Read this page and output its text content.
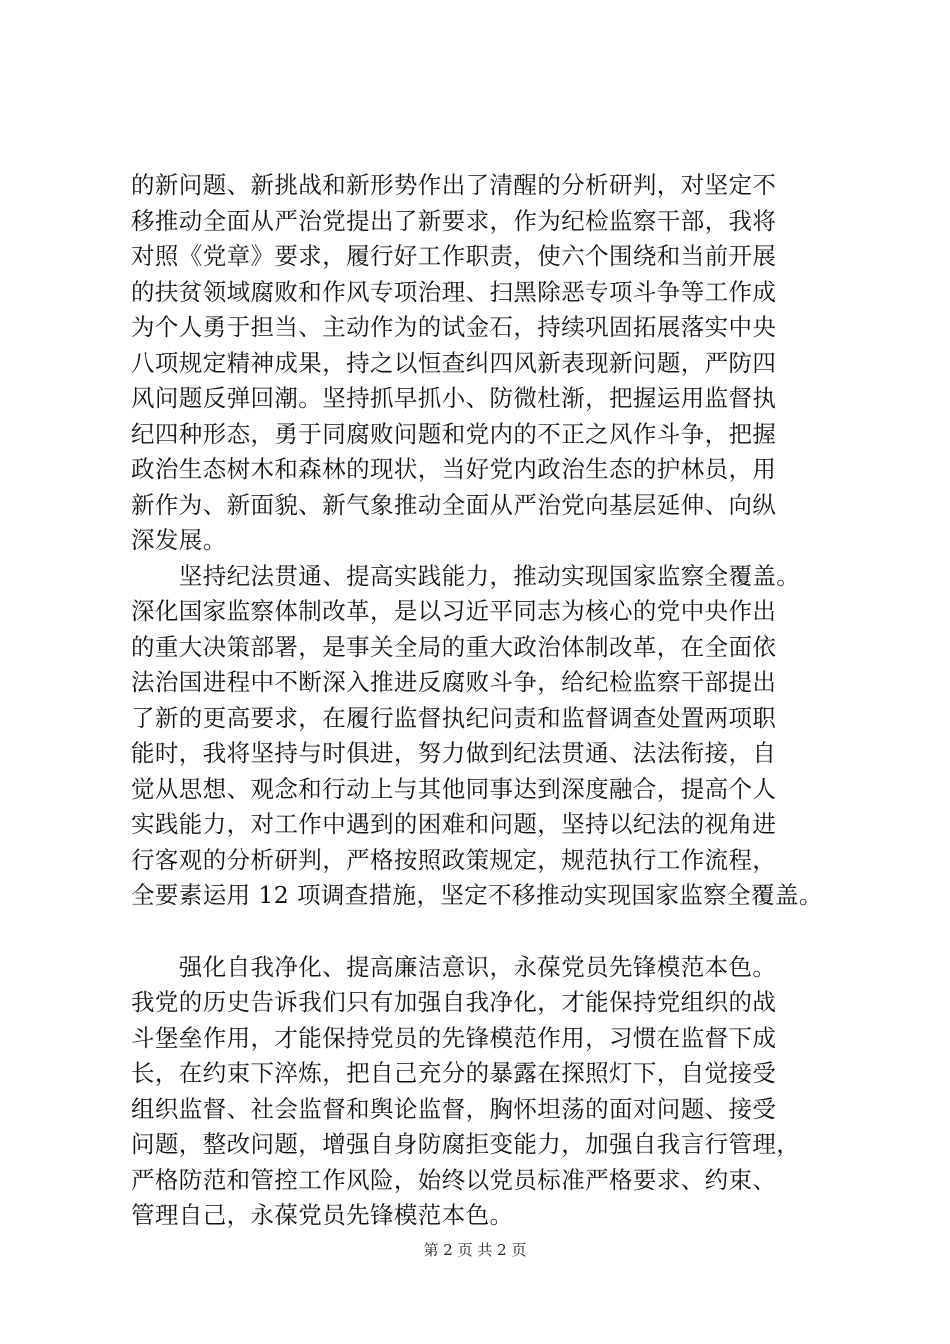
的新问题、新挑战和新形势作出了清醒的分析研判，对坚定不
移推动全面从严治党提出了新要求，作为纪检监察干部，我将
对照《党章》要求，履行好工作职责，使六个围绕和当前开展
的扶贫领域腐败和作风专项治理、扫黑除恶专项斗争等工作成
为个人勇于担当、主动作为的试金石，持续巩固拓展落实中央
八项规定精神成果，持之以恒查纠四风新表现新问题，严防四
风问题反弹回潮。坚持抓早抓小、防微杜渐，把握运用监督执
纪四种形态，勇于同腐败问题和党内的不正之风作斗争，把握
政治生态树木和森林的现状，当好党内政治生态的护林员，用
新作为、新面貌、新气象推动全面从严治党向基层延伸、向纵
深发展。
　　坚持纪法贯通、提高实践能力，推动实现国家监察全覆盖。
深化国家监察体制改革，是以习近平同志为核心的党中央作出
的重大决策部署，是事关全局的重大政治体制改革，在全面依
法治国进程中不断深入推进反腐败斗争，给纪检监察干部提出
了新的更高要求，在履行监督执纪问责和监督调查处置两项职
能时，我将坚持与时俱进，努力做到纪法贯通、法法衔接，自
觉从思想、观念和行动上与其他同事达到深度融合，提高个人
实践能力，对工作中遇到的困难和问题，坚持以纪法的视角进
行客观的分析研判，严格按照政策规定，规范执行工作流程，
全要素运用 12 项调查措施，坚定不移推动实现国家监察全覆盖。
　　强化自我净化、提高廉洁意识，永葆党员先锋模范本色。
我党的历史告诉我们只有加强自我净化，才能保持党组织的战
斗堡垒作用，才能保持党员的先锋模范作用，习惯在监督下成
长，在约束下淬炼，把自己充分的暴露在探照灯下，自觉接受
组织监督、社会监督和舆论监督，胸怀坦荡的面对问题、接受
问题，整改问题，增强自身防腐拒变能力，加强自我言行管理，
严格防范和管控工作风险，始终以党员标准严格要求、约束、
管理自己，永葆党员先锋模范本色。
第 2 页 共 2 页
